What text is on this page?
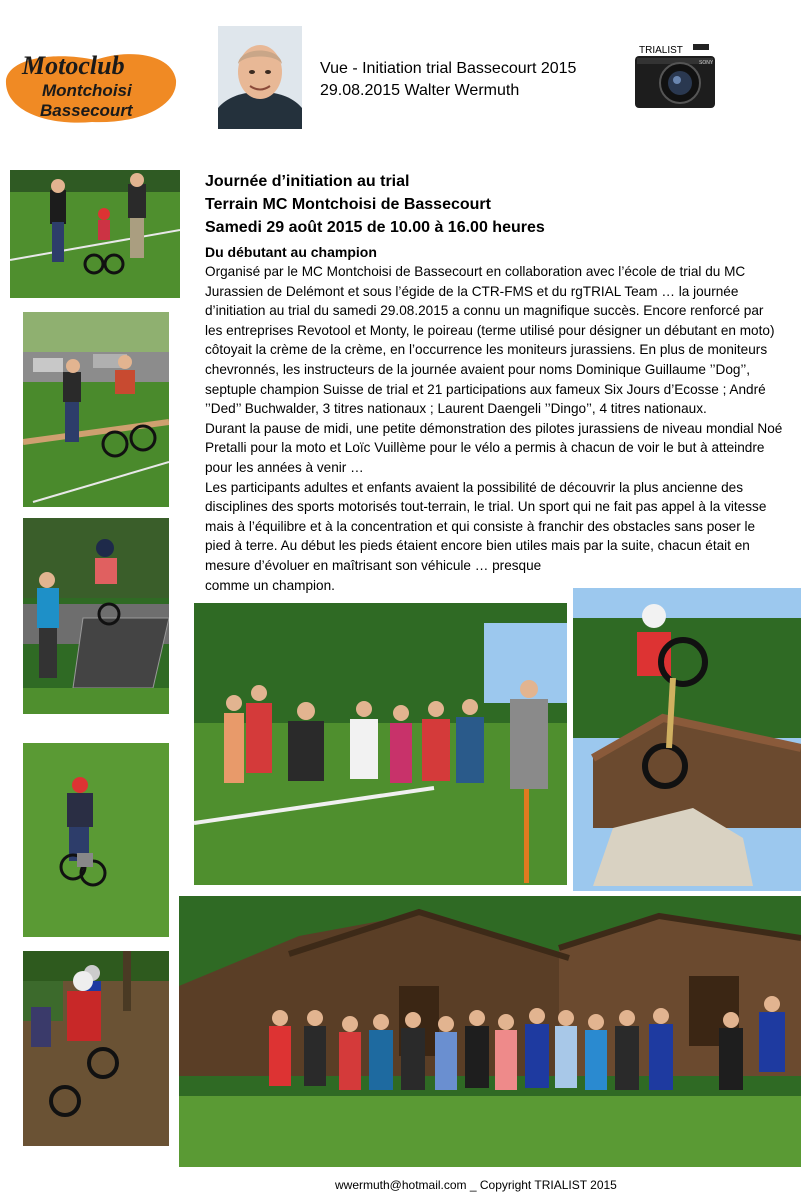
Motoclub
Montchoisi
Bassecourt
Vue - Initiation trial Bassecourt 2015
29.08.2015 Walter Wermuth
TRIALIST
SONY
Journée d’initiation au trial
Terrain MC Montchoisi de Bassecourt
Samedi 29 août 2015 de 10.00 à 16.00 heures
Du débutant au champion
Organisé par le MC Montchoisi de Bassecourt en collaboration avec l’école de trial du MC Jurassien de Delémont et sous l’égide de la CTR-FMS et du rgTRIAL Team … la journée d’initiation au trial du samedi 29.08.2015 a connu un magnifique succès. Encore renforcé par les entreprises Revotool et Monty, le poireau (terme utilisé pour désigner un débutant en moto) côtoyait la crème de la crème, en l’occurrence les moniteurs jurassiens. En plus de moniteurs chevronnés, les instructeurs de la journée avaient pour noms Dominique Guillaume ’’Dog’’, septuple champion Suisse de trial et 21 participations aux fameux Six Jours d’Ecosse ; André ’’Ded’’ Buchwalder, 3 titres nationaux ; Laurent Daengeli ’’Dingo’’, 4 titres nationaux.
Durant la pause de midi, une petite démonstration des pilotes jurassiens de niveau mondial Noé Pretalli pour la moto et Loïc Vuillème pour le vélo a permis à chacun de voir le but à atteindre pour les années à venir …
Les participants adultes et enfants avaient la possibilité de découvrir la plus ancienne des disciplines des sports motorisés tout-terrain, le trial. Un sport qui ne fait pas appel à la vitesse mais à l’équilibre et à la concentration et qui consiste à franchir des obstacles sans poser le pied à terre. Au début les pieds étaient encore bien utiles mais par la suite, chacun était en mesure d’évoluer en maîtrisant son véhicule … presque
comme un champion.
wwermuth@hotmail.com _ Copyright TRIALIST 2015
